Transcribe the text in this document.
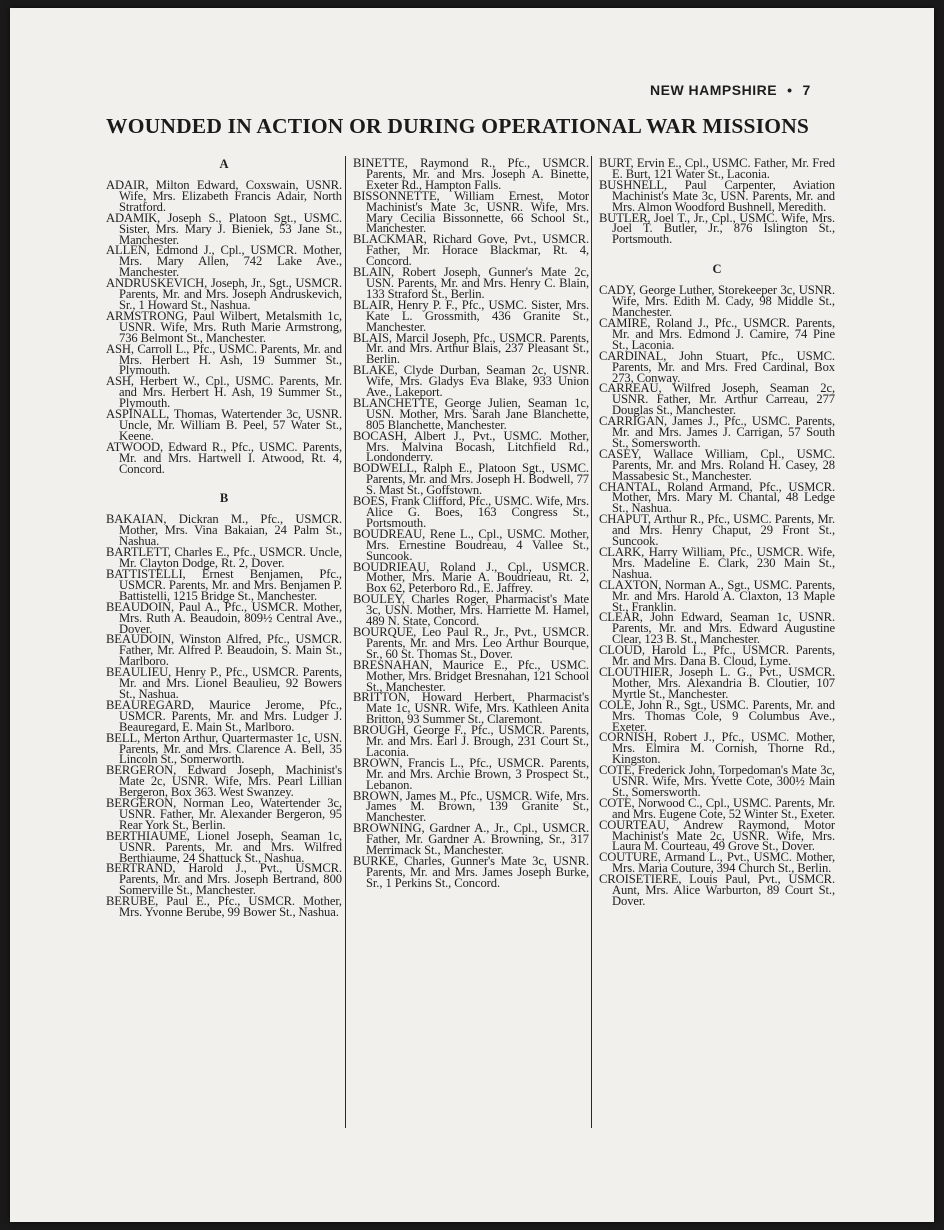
NEW HAMPSHIRE • 7
WOUNDED IN ACTION OR DURING OPERATIONAL WAR MISSIONS
A

ADAIR, Milton Edward, Coxswain, USNR. Wife, Mrs. Elizabeth Francis Adair, North Stratford.

ADAMIK, Joseph S., Platoon Sgt., USMC. Sister, Mrs. Mary J. Bieniek, 53 Jane St., Manchester.

ALLEN, Edmond J., Cpl., USMCR. Mother, Mrs. Mary Allen, 742 Lake Ave., Manchester.

ANDRUSKEVICH, Joseph, Jr., Sgt., USMCR. Parents, Mr. and Mrs. Joseph Andruskevich, Sr., 1 Howard St., Nashua.

ARMSTRONG, Paul Wilbert, Metalsmith 1c, USNR. Wife, Mrs. Ruth Marie Armstrong, 736 Belmont St., Manchester.

ASH, Carroll L., Pfc., USMC. Parents, Mr. and Mrs. Herbert H. Ash, 19 Summer St., Plymouth.

ASH, Herbert W., Cpl., USMC. Parents, Mr. and Mrs. Herbert H. Ash, 19 Summer St., Plymouth.

ASPINALL, Thomas, Watertender 3c, USNR. Uncle, Mr. William B. Peel, 57 Water St., Keene.

ATWOOD, Edward R., Pfc., USMC. Parents, Mr. and Mrs. Hartwell I. Atwood, Rt. 4, Concord.

B

BAKAIAN, Dickran M., Pfc., USMCR. Mother, Mrs. Vina Bakaian, 24 Palm St., Nashua.

BARTLETT, Charles E., Pfc., USMCR. Uncle, Mr. Clayton Dodge, Rt. 2, Dover.

BATTISTELLI, Ernest Benjamen, Pfc., USMCR. Parents, Mr. and Mrs. Benjamen P. Battistelli, 1215 Bridge St., Manchester.

BEAUDOIN, Paul A., Pfc., USMCR. Mother, Mrs. Ruth A. Beaudoin, 809½ Central Ave., Dover.

BEAUDOIN, Winston Alfred, Pfc., USMCR. Father, Mr. Alfred P. Beaudoin, S. Main St., Marlboro.

BEAULIEU, Henry P., Pfc., USMCR. Parents, Mr. and Mrs. Lionel Beaulieu, 92 Bowers St., Nashua.

BEAUREGARD, Maurice Jerome, Pfc., USMCR. Parents, Mr. and Mrs. Ludger J. Beauregard, E. Main St., Marlboro.

BELL, Merton Arthur, Quartermaster 1c, USN. Parents, Mr. and Mrs. Clarence A. Bell, 35 Lincoln St., Somerworth.

BERGERON, Edward Joseph, Machinist's Mate 2c, USNR. Wife, Mrs. Pearl Lillian Bergeron, Box 363. West Swanzey.

BERGERON, Norman Leo, Watertender 3c, USNR. Father, Mr. Alexander Bergeron, 95 Rear York St., Berlin.

BERTHIAUME, Lionel Joseph, Seaman 1c, USNR. Parents, Mr. and Mrs. Wilfred Berthiaume, 24 Shattuck St., Nashua.

BERTRAND, Harold J., Pvt., USMCR. Parents, Mr. and Mrs. Joseph Bertrand, 800 Somerville St., Manchester.

BERUBE, Paul E., Pfc., USMCR. Mother, Mrs. Yvonne Berube, 99 Bower St., Nashua.

BINETTE, Raymond R., Pfc., USMCR. Parents, Mr. and Mrs. Joseph A. Binette, Exeter Rd., Hampton Falls.

BISSONNETTE, William Ernest, Motor Machinist's Mate 3c, USNR. Wife, Mrs. Mary Cecilia Bissonnette, 66 School St., Manchester.

BLACKMAR, Richard Gove, Pvt., USMCR. Father, Mr. Horace Blackmar, Rt. 4, Concord.

BLAIN, Robert Joseph, Gunner's Mate 2c, USN. Parents, Mr. and Mrs. Henry C. Blain, 133 Straford St., Berlin.

BLAIR, Henry P. F., Pfc., USMC. Sister, Mrs. Kate L. Grossmith, 436 Granite St., Manchester.

BLAIS, Marcil Joseph, Pfc., USMCR. Parents, Mr. and Mrs. Arthur Blais, 237 Pleasant St., Berlin.

BLAKE, Clyde Durban, Seaman 2c, USNR. Wife, Mrs. Gladys Eva Blake, 933 Union Ave., Lakeport.

BLANCHETTE, George Julien, Seaman 1c, USN. Mother, Mrs. Sarah Jane Blanchette, 805 Blanchette, Manchester.

BOCASH, Albert J., Pvt., USMC. Mother, Mrs. Malvina Bocash, Litchfield Rd., Londonderry.

BODWELL, Ralph E., Platoon Sgt., USMC. Parents, Mr. and Mrs. Joseph H. Bodwell, 77 S. Mast St., Goffstown.

BOES, Frank Clifford, Pfc., USMC. Wife, Mrs. Alice G. Boes, 163 Congress St., Portsmouth.

BOUDREAU, Rene L., Cpl., USMC. Mother, Mrs. Ernestine Boudreau, 4 Vallee St., Suncook.

BOUDRIEAU, Roland J., Cpl., USMCR. Mother, Mrs. Marie A. Boudrieau, Rt. 2, Box 62, Peterboro Rd., E. Jaffrey.

BOULEY, Charles Roger, Pharmacist's Mate 3c, USN. Mother, Mrs. Harriette M. Hamel, 489 N. State, Concord.

BOURQUE, Leo Paul R., Jr., Pvt., USMCR. Parents, Mr. and Mrs. Leo Arthur Bourque, Sr., 60 St. Thomas St., Dover.

BRESNAHAN, Maurice E., Pfc., USMC. Mother, Mrs. Bridget Bresnahan, 121 School St., Manchester.

BRITTON, Howard Herbert, Pharmacist's Mate 1c, USNR. Wife, Mrs. Kathleen Anita Britton, 93 Summer St., Claremont.

BROUGH, George F., Pfc., USMCR. Parents, Mr. and Mrs. Earl J. Brough, 231 Court St., Laconia.

BROWN, Francis L., Pfc., USMCR. Parents, Mr. and Mrs. Archie Brown, 3 Prospect St., Lebanon.

BROWN, James M., Pfc., USMCR. Wife, Mrs. James M. Brown, 139 Granite St., Manchester.

BROWNING, Gardner A., Jr., Cpl., USMCR. Father, Mr. Gardner A. Browning, Sr., 317 Merrimack St., Manchester.

BURKE, Charles, Gunner's Mate 3c, USNR. Parents, Mr. and Mrs. James Joseph Burke, Sr., 1 Perkins St., Concord.

BURT, Ervin E., Cpl., USMC. Father, Mr. Fred E. Burt, 121 Water St., Laconia.

BUSHNELL, Paul Carpenter, Aviation Machinist's Mate 3c, USN. Parents, Mr. and Mrs. Almon Woodford Bushnell, Meredith.

BUTLER, Joel T., Jr., Cpl., USMC. Wife, Mrs. Joel T. Butler, Jr., 876 Islington St., Portsmouth.

C

CADY, George Luther, Storekeeper 3c, USNR. Wife, Mrs. Edith M. Cady, 98 Middle St., Manchester.

CAMIRE, Roland J., Pfc., USMCR. Parents, Mr. and Mrs. Edmond J. Camire, 74 Pine St., Laconia.

CARDINAL, John Stuart, Pfc., USMC. Parents, Mr. and Mrs. Fred Cardinal, Box 273, Conway.

CARREAU, Wilfred Joseph, Seaman 2c, USNR. Father, Mr. Arthur Carreau, 277 Douglas St., Manchester.

CARRIGAN, James J., Pfc., USMC. Parents, Mr. and Mrs. James J. Carrigan, 57 South St., Somersworth.

CASEY, Wallace William, Cpl., USMC. Parents, Mr. and Mrs. Roland H. Casey, 28 Massabesic St., Manchester.

CHANTAL, Roland Armand, Pfc., USMCR. Mother, Mrs. Mary M. Chantal, 48 Ledge St., Nashua.

CHAPUT, Arthur R., Pfc., USMC. Parents, Mr. and Mrs. Henry Chaput, 29 Front St., Suncook.

CLARK, Harry William, Pfc., USMCR. Wife, Mrs. Madeline E. Clark, 230 Main St., Nashua.

CLAXTON, Norman A., Sgt., USMC. Parents, Mr. and Mrs. Harold A. Claxton, 13 Maple St., Franklin.

CLEAR, John Edward, Seaman 1c, USNR. Parents, Mr. and Mrs. Edward Augustine Clear, 123 B. St., Manchester.

CLOUD, Harold L., Pfc., USMCR. Parents, Mr. and Mrs. Dana B. Cloud, Lyme.

CLOUTHIER, Joseph L. G., Pvt., USMCR. Mother, Mrs. Alexandria B. Cloutier, 107 Myrtle St., Manchester.

COLE, John R., Sgt., USMC. Parents, Mr. and Mrs. Thomas Cole, 9 Columbus Ave., Exeter.

CORNISH, Robert J., Pfc., USMC. Mother, Mrs. Elmira M. Cornish, Thorne Rd., Kingston.

COTE, Frederick John, Torpedoman's Mate 3c, USNR. Wife, Mrs. Yvette Cote, 300½ Main St., Somersworth.

COTE, Norwood C., Cpl., USMC. Parents, Mr. and Mrs. Eugene Cote, 52 Winter St., Exeter.

COURTEAU, Andrew Raymond, Motor Machinist's Mate 2c, USNR. Wife, Mrs. Laura M. Courteau, 49 Grove St., Dover.

COUTURE, Armand L., Pvt., USMC. Mother, Mrs. Maria Couture, 394 Church St., Berlin.

CROISETIERE, Louis Paul, Pvt., USMCR. Aunt, Mrs. Alice Warburton, 89 Court St., Dover.
